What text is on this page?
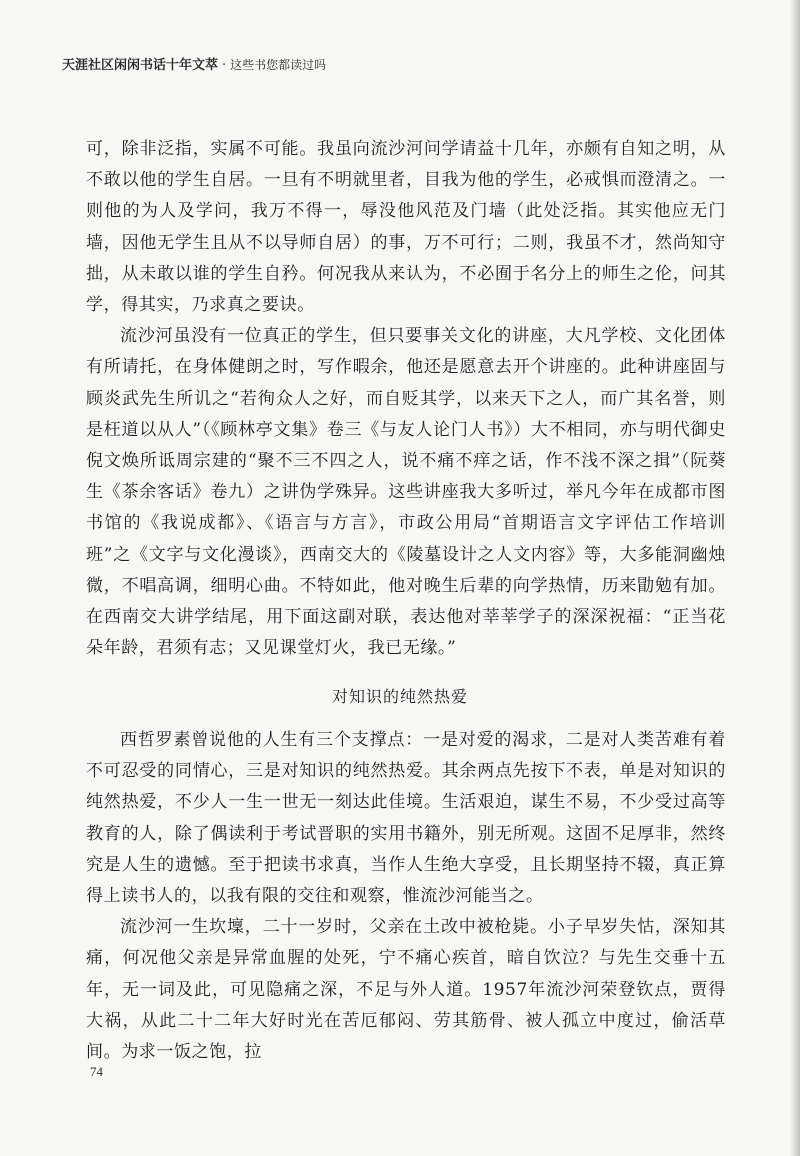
天涯社区闲闲书话十年文萃 · 这些书您都读过吗

可，除非泛指，实属不可能。我虽向流沙河问学请益十几年，亦颇有自知之明，从不敢以他的学生自居。一旦有不明就里者，目我为他的学生，必戒惧而澄清之。一则他的为人及学问，我万不得一，辱没他风范及门墙（此处泛指。其实他应无门墙，因他无学生且从不以导师自居）的事，万不可行；二则，我虽不才，然尚知守拙，从未敢以谁的学生自矜。何况我从来认为，不必囿于名分上的师生之伦，问其学，得其实，乃求真之要诀。

流沙河虽没有一位真正的学生，但只要事关文化的讲座，大凡学校、文化团体有所请托，在身体健朗之时，写作暇余，他还是愿意去开个讲座的。此种讲座固与顾炎武先生所讥之“若徇众人之好，而自贬其学，以来天下之人，而广其名誉，则是枉道以从人”（《顾林亭文集》卷三《与友人论门人书》）大不相同，亦与明代御史倪文焕所诋周宗建的“聚不三不四之人，说不痛不痒之话，作不浅不深之揖”（阮葵生《茶余客话》卷九）之讲伪学殊异。这些讲座我大多听过，举凡今年在成都市图书馆的《我说成都》、《语言与方言》，市政公用局“首期语言文字评估工作培训班”之《文字与文化漫谈》，西南交大的《陵墓设计之人文内容》等，大多能洞幽烛微，不唱高调，细明心曲。不特如此，他对晚生后辈的向学热情，历来勖勉有加。在西南交大讲学结尾，用下面这副对联，表达他对莘莘学子的深深祝福：“正当花朵年龄，君须有志；又见课堂灯火，我已无缘。”

对知识的纯然热爱

西哲罗素曾说他的人生有三个支撑点：一是对爱的渴求，二是对人类苦难有着不可忍受的同情心，三是对知识的纯然热爱。其余两点先按下不表，单是对知识的纯然热爱，不少人一生一世无一刻达此佳境。生活艰迫，谋生不易，不少受过高等教育的人，除了偶读利于考试晋职的实用书籍外，别无所观。这固不足厚非，然终究是人生的遗憾。至于把读书求真，当作人生绝大享受，且长期坚持不辍，真正算得上读书人的，以我有限的交往和观察，惟流沙河能当之。

流沙河一生坎壈，二十一岁时，父亲在土改中被枪毙。小子早岁失怙，深知其痛，何况他父亲是异常血腥的处死，宁不痛心疾首，暗自饮泣？与先生交垂十五年，无一词及此，可见隐痛之深，不足与外人道。1957年流沙河荣登钦点，贾得大祸，从此二十二年大好时光在苦厄郁闷、劳其筋骨、被人孤立中度过，偷活草间。为求一饭之饱，拉

74
